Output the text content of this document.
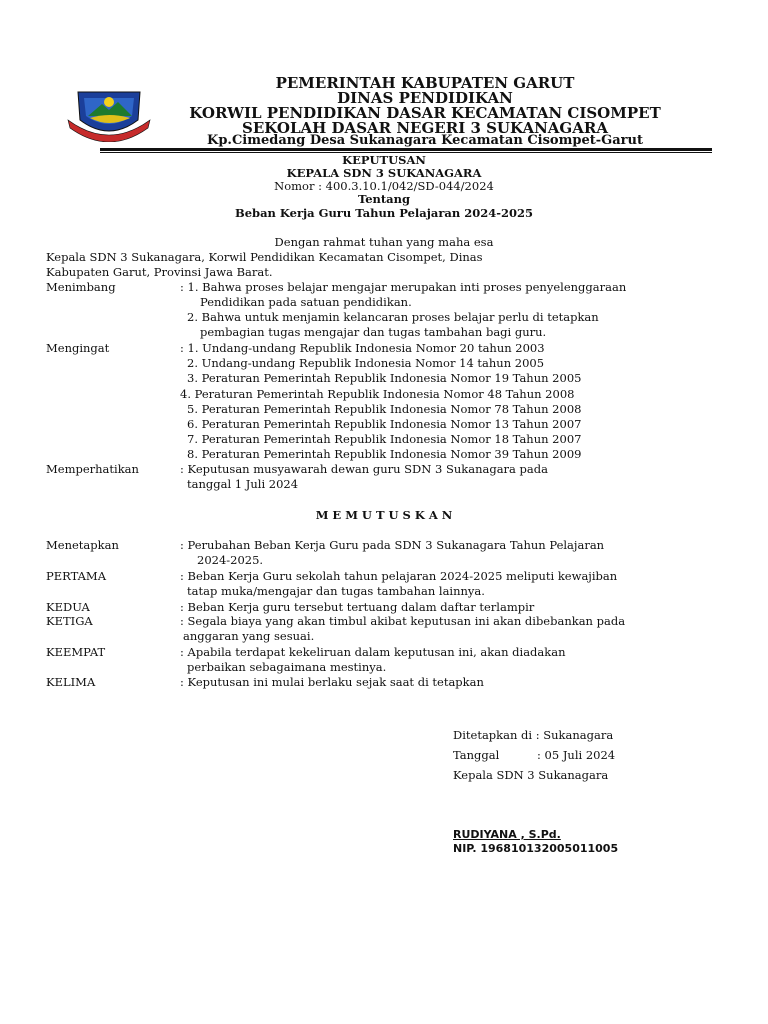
PEMERINTAH KABUPATEN GARUT
DINAS PENDIDIKAN
KORWIL PENDIDIKAN DASAR KECAMATAN CISOMPET
SEKOLAH DASAR NEGERI 3 SUKANAGARA
Kp.Cimedang Desa Sukanagara Kecamatan Cisompet-Garut
KEPUTUSAN
KEPALA SDN 3 SUKANAGARA
Nomor : 400.3.10.1/042/SD-044/2024
Tentang
Beban Kerja Guru Tahun Pelajaran 2024-2025
Dengan rahmat tuhan yang maha esa
Kepala SDN 3 Sukanagara, Korwil Pendidikan Kecamatan Cisompet, Dinas
Kabupaten Garut, Provinsi Jawa Barat.
Menimbang	: 1. Bahwa proses belajar mengajar merupakan inti proses penyelenggaraan
Pendidikan pada satuan pendidikan.
2. Bahwa untuk menjamin kelancaran proses belajar perlu di tetapkan
pembagian tugas mengajar dan tugas tambahan bagi guru.
Mengingat	: 1. Undang-undang Republik Indonesia Nomor 20 tahun 2003
2. Undang-undang Republik Indonesia Nomor 14 tahun 2005
3. Peraturan Pemerintah Republik Indonesia Nomor 19 Tahun 2005
4. Peraturan Pemerintah Republik Indonesia Nomor 48 Tahun 2008
5. Peraturan Pemerintah Republik Indonesia Nomor 78 Tahun 2008
6. Peraturan Pemerintah Republik Indonesia Nomor 13 Tahun 2007
7. Peraturan Pemerintah Republik Indonesia Nomor 18 Tahun 2007
8. Peraturan Pemerintah Republik Indonesia Nomor 39 Tahun 2009
Memperhatikan	: Keputusan musyawarah dewan guru SDN 3 Sukanagara pada
tanggal 1 Juli 2024
M E M U T U S K A N
Menetapkan	: Perubahan Beban Kerja Guru pada SDN 3 Sukanagara Tahun Pelajaran
2024-2025.
PERTAMA	: Beban Kerja Guru sekolah tahun pelajaran 2024-2025 meliputi kewajiban
tatap muka/mengajar dan tugas tambahan lainnya.
KEDUA	: Beban Kerja guru tersebut tertuang dalam daftar terlampir
KETIGA	: Segala biaya yang akan timbul akibat keputusan ini akan dibebankan pada
anggaran yang sesuai.
KEEMPAT	: Apabila terdapat kekeliruan dalam keputusan ini, akan diadakan
perbaikan sebagaimana mestinya.
KELIMA	: Keputusan ini mulai berlaku sejak saat di tetapkan
Ditetapkan di : Sukanagara
Tanggal	: 05 Juli 2024
Kepala SDN 3 Sukanagara
RUDIYANA , S.Pd.
NIP. 196810132005011005
